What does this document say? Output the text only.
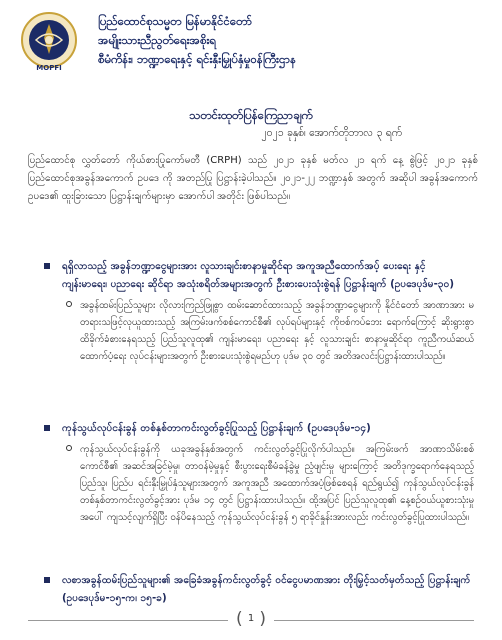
MOPFI
ပြည်ထောင်စုသမ္မတ မြန်မာနိုင်ငံတော်
အမျိုးသားညီညွတ်ရေးအစိုးရ
စီမံကိန်း၊ ဘဏ္ဍာရေးနှင့် ရင်းနှီးမြှုပ်နှံမှုဝန်ကြီးဌာန
သတင်းထုတ်ပြန်ကြေညာချက်
၂၀၂၁ ခုနှစ်၊ အောက်တိုဘာလ ၃ ရက်
ပြည်ထောင်စု လွှတ်တော် ကိုယ်စားပြုကော်မတီ (CRPH) သည် ၂၀၂၁ ခုနှစ် မတ်လ ၂၁ ရက် နေ့ စွဲဖြင့် ၂၀၂၁ ခုနှစ် ပြည်ထောင်စုအခွန်အကောက် ဥပဒေ ကို အတည်ပြု ပြဋ္ဌာန်းခဲ့ပါသည်။ ၂၀၂၁-၂၂ ဘဏ္ဍာနှစ် အတွက် အဆိုပါ အခွန်အကောက် ဥပဒေ၏ ထူးခြားသော ပြဋ္ဌာန်းချက်များမှာ အောက်ပါ အတိုင်း ဖြစ်ပါသည်။
ရရှိလာသည့် အခွန်ဘဏ္ဍာငွေများအား လူသားချင်းစာနာမှုဆိုင်ရာ အကူအညီထောက်အပ့် ပေးရေး နှင့် ကျန်းမာရေး၊ ပညာရေး ဆိုင်ရာ အသုံးစရိတ်အများအတွက် ဦးစားပေးသုံးစွဲရန် ပြဋ္ဌာန်းချက် (ဥပဒေပုဒ်မ-၃၀)
အခွန်ထမ်းပြည်သူများ လိုလားကြည်ဖြူစွာ ထမ်းဆောင်ထားသည့် အခွန်ဘဏ္ဍာငွေများကို နိုင်ငံတော် အာဏာအား မတရားသဖြင့်လုယူထားသည့် အကြမ်းဖက်စစ်ကောင်စီ၏ လုပ်ရပ်များနှင့် ကိုဗစ်ကပ်ဘေး ရောက်ကြောင့် ဆိုးရွားစွာထိခိုက်ခံစားနေရသည့် ပြည်သူလူထု၏ ကျန်းမာရေး၊ ပညာရေး နှင့် လူသားချင်း စာနာမှုဆိုင်ရာ ကူညီကယ်ဆယ်ထောက်ပံ့ရေး လုပ်ငန်းများအတွက် ဦးစားပေးသုံးစွဲရမည်ဟု ပုဒ်မ ၃၀ တွင် အတိအလင်းပြဋ္ဌာန်းထားပါသည်။
ကုန်သွယ်လုပ်ငန်းခွန် တစ်နှစ်တာကင်းလွတ်ခွင့်ပြုသည့် ပြဋ္ဌာန်းချက် (ဥပဒေပုဒ်မ-၁၄)
ကုန်သွယ်လုပ်ငန်းခွန်ကို ယခုအခွန်နှစ်အတွက် ကင်းလွတ်ခွင့်ပြုလိုက်ပါသည်။ အကြမ်းဖက် အာဏာသိမ်းစစ်ကောင်စီ၏ အဆင်အခြင်မဲ့မှု၊ တာဝန်မဲ့မှုနှင့် စီးပွားရေးစီမံခန့်ခွဲမှု ညံ့ဖျင်းမှု များကြောင့် အတိဒုက္ခရောက်နေရသည့် ပြည်သူ၊ ပြည်ပ ရင်းနှီးမြှုပ်နှံသူများအတွက် အကူအညီ အထောက်အပံ့ဖြစ်စေရန် ရည်ရွယ်၍ ကုန်သွယ်လုပ်ငန်းခွန် တစ်နှစ်တာကင်းလွတ်ခွင့်အား ပုဒ်မ ၁၄ တွင် ပြဋ္ဌာန်းထားပါသည်။ ထို့အပြင် ပြည်သူလူထု၏ နေ့စဉ်ဝယ်ယူစားသုံးမှုအပေါ် ကျသင့်လျက်ရှိပြီး ဝန်ပိနေသည့် ကုန်သွယ်လုပ်ငန်းခွန် ၅ ရာခိုင်နှုန်းအားလည်း ကင်းလွတ်ခွင့်ပြုထားပါသည်။
လစာအခွန်ထမ်းပြည်သူများ၏ အခြေခံအခွန်ကင်းလွတ်ခွင့် ဝင်ငွေပမာဏအား တိုးမြှင့်သတ်မှတ်သည့် ပြဋ္ဌာန်းချက် (ဥပဒေပုဒ်မ-၁၅-က၊ ၁၅-ခ)
( 1 )
